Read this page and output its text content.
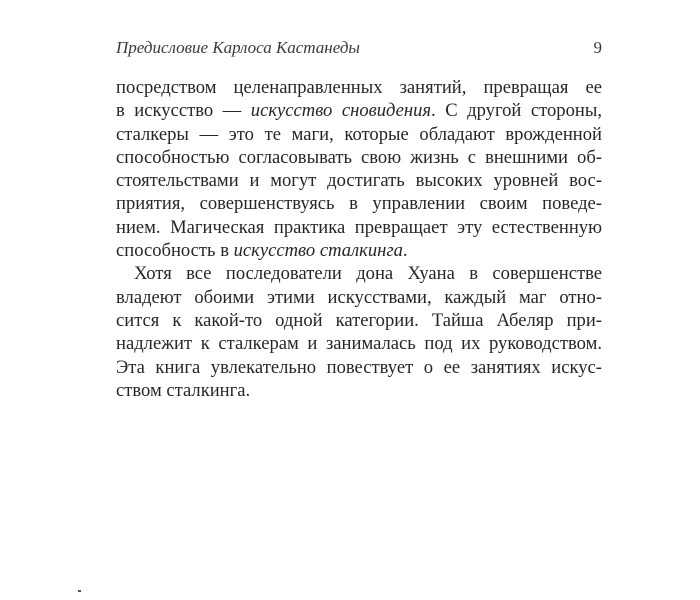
Предисловие Карлоса Кастанеды	9
посредством целенаправленных занятий, превращая ее
в искусство — искусство сновидения. С другой стороны,
сталкеры — это те маги, которые обладают врожденной
способностью согласовывать свою жизнь с внешними об-
стоятельствами и могут достигать высоких уровней вос-
приятия, совершенствуясь в управлении своим поведе-
нием. Магическая практика превращает эту естественную
способность в искусство сталкинга.
Хотя все последователи дона Хуана в совершенстве
владеют обоими этими искусствами, каждый маг отно-
сится к какой-то одной категории. Тайша Абеляр при-
надлежит к сталкерам и занималась под их руководством.
Эта книга увлекательно повествует о ее занятиях искус-
ством сталкинга.
